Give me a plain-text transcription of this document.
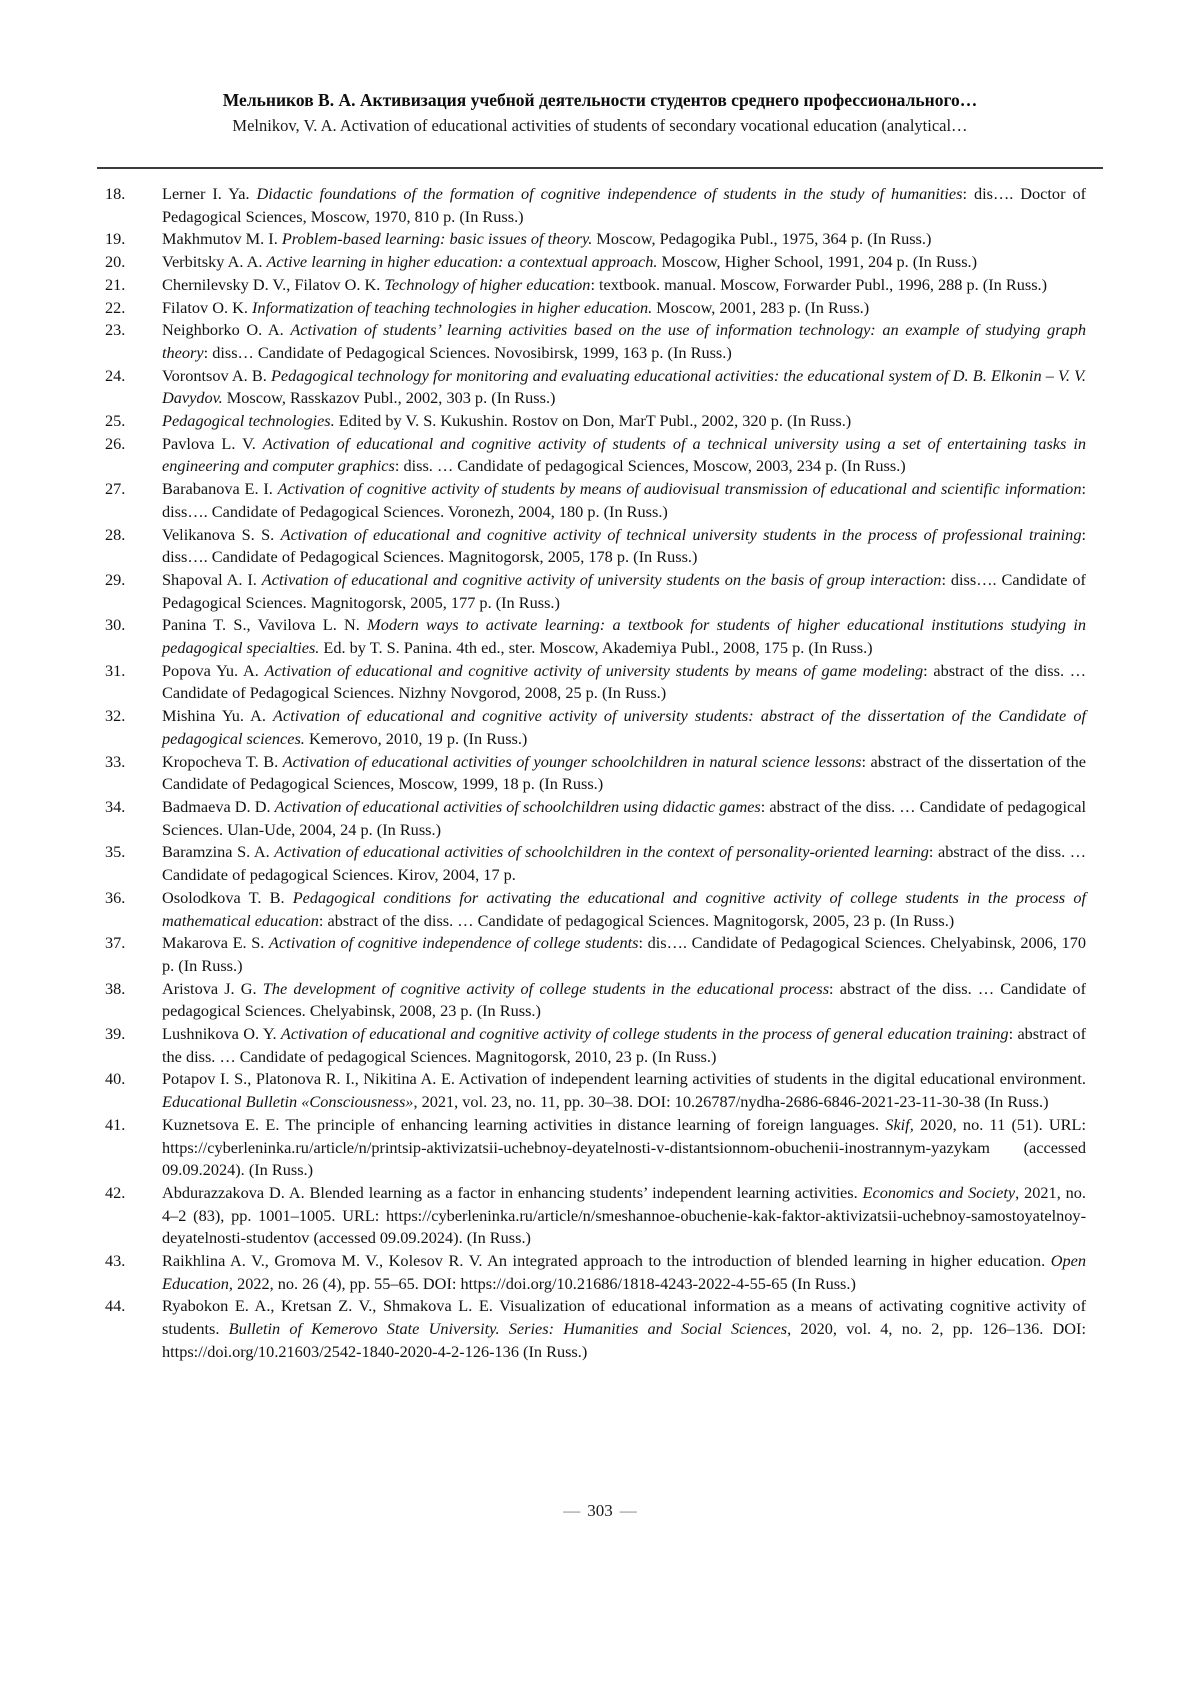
Мельников В. А. Активизация учебной деятельности студентов среднего профессионального…
Melnikov, V. A. Activation of educational activities of students of secondary vocational education (analytical…
18. Lerner I. Ya. Didactic foundations of the formation of cognitive independence of students in the study of humanities: dis…. Doctor of Pedagogical Sciences, Moscow, 1970, 810 p. (In Russ.)
19. Makhmutov M. I. Problem-based learning: basic issues of theory. Moscow, Pedagogika Publ., 1975, 364 p. (In Russ.)
20. Verbitsky A. A. Active learning in higher education: a contextual approach. Moscow, Higher School, 1991, 204 p. (In Russ.)
21. Chernilevsky D. V., Filatov O. K. Technology of higher education: textbook. manual. Moscow, Forwarder Publ., 1996, 288 p. (In Russ.)
22. Filatov O. K. Informatization of teaching technologies in higher education. Moscow, 2001, 283 p. (In Russ.)
23. Neighborko O. A. Activation of students’ learning activities based on the use of information technology: an example of studying graph theory: diss… Candidate of Pedagogical Sciences. Novosibirsk, 1999, 163 p. (In Russ.)
24. Vorontsov A. B. Pedagogical technology for monitoring and evaluating educational activities: the educational system of D. B. Elkonin – V. V. Davydov. Moscow, Rasskazov Publ., 2002, 303 p. (In Russ.)
25. Pedagogical technologies. Edited by V. S. Kukushin. Rostov on Don, MarT Publ., 2002, 320 p. (In Russ.)
26. Pavlova L. V. Activation of educational and cognitive activity of students of a technical university using a set of entertaining tasks in engineering and computer graphics: diss. … Candidate of pedagogical Sciences, Moscow, 2003, 234 p. (In Russ.)
27. Barabanova E. I. Activation of cognitive activity of students by means of audiovisual transmission of educational and scientific information: diss…. Candidate of Pedagogical Sciences. Voronezh, 2004, 180 p. (In Russ.)
28. Velikanova S. S. Activation of educational and cognitive activity of technical university students in the process of professional training: diss…. Candidate of Pedagogical Sciences. Magnitogorsk, 2005, 178 p. (In Russ.)
29. Shapoval A. I. Activation of educational and cognitive activity of university students on the basis of group interaction: diss…. Candidate of Pedagogical Sciences. Magnitogorsk, 2005, 177 p. (In Russ.)
30. Panina T. S., Vavilova L. N. Modern ways to activate learning: a textbook for students of higher educational institutions studying in pedagogical specialties. Ed. by T. S. Panina. 4th ed., ster. Moscow, Akademiya Publ., 2008, 175 p. (In Russ.)
31. Popova Yu. A. Activation of educational and cognitive activity of university students by means of game modeling: abstract of the diss. … Candidate of Pedagogical Sciences. Nizhny Novgorod, 2008, 25 p. (In Russ.)
32. Mishina Yu. A. Activation of educational and cognitive activity of university students: abstract of the dissertation of the Candidate of pedagogical sciences. Kemerovo, 2010, 19 p. (In Russ.)
33. Kropocheva T. B. Activation of educational activities of younger schoolchildren in natural science lessons: abstract of the dissertation of the Candidate of Pedagogical Sciences, Moscow, 1999, 18 p. (In Russ.)
34. Badmaeva D. D. Activation of educational activities of schoolchildren using didactic games: abstract of the diss. … Candidate of pedagogical Sciences. Ulan-Ude, 2004, 24 p. (In Russ.)
35. Baramzina S. A. Activation of educational activities of schoolchildren in the context of personality-oriented learning: abstract of the diss. … Candidate of pedagogical Sciences. Kirov, 2004, 17 p.
36. Osolodkova T. B. Pedagogical conditions for activating the educational and cognitive activity of college students in the process of mathematical education: abstract of the diss. … Candidate of pedagogical Sciences. Magnitogorsk, 2005, 23 p. (In Russ.)
37. Makarova E. S. Activation of cognitive independence of college students: dis…. Candidate of Pedagogical Sciences. Chelyabinsk, 2006, 170 p. (In Russ.)
38. Aristova J. G. The development of cognitive activity of college students in the educational process: abstract of the diss. … Candidate of pedagogical Sciences. Chelyabinsk, 2008, 23 p. (In Russ.)
39. Lushnikova O. Y. Activation of educational and cognitive activity of college students in the process of general education training: abstract of the diss. … Candidate of pedagogical Sciences. Magnitogorsk, 2010, 23 p. (In Russ.)
40. Potapov I. S., Platonova R. I., Nikitina A. E. Activation of independent learning activities of students in the digital educational environment. Educational Bulletin «Consciousness», 2021, vol. 23, no. 11, pp. 30–38. DOI: 10.26787/nydha-2686-6846-2021-23-11-30-38 (In Russ.)
41. Kuznetsova E. E. The principle of enhancing learning activities in distance learning of foreign languages. Skif, 2020, no. 11 (51). URL: https://cyberleninka.ru/article/n/printsip-aktivizatsii-uchebnoy-deyatelnosti-v-distantsionnom-obuchenii-inostrannym-yazykam (accessed 09.09.2024). (In Russ.)
42. Abdurazzakova D. A. Blended learning as a factor in enhancing students’ independent learning activities. Economics and Society, 2021, no. 4–2 (83), pp. 1001–1005. URL: https://cyberleninka.ru/article/n/smeshannoe-obuchenie-kak-faktor-aktivizatsii-uchebnoy-samostoyatelnoy-deyatelnosti-studentov (accessed 09.09.2024). (In Russ.)
43. Raikhlina A. V., Gromova M. V., Kolesov R. V. An integrated approach to the introduction of blended learning in higher education. Open Education, 2022, no. 26 (4), pp. 55–65. DOI: https://doi.org/10.21686/1818-4243-2022-4-55-65 (In Russ.)
44. Ryabokon E. A., Kretsan Z. V., Shmakova L. E. Visualization of educational information as a means of activating cognitive activity of students. Bulletin of Kemerovo State University. Series: Humanities and Social Sciences, 2020, vol. 4, no. 2, pp. 126–136. DOI: https://doi.org/10.21603/2542-1840-2020-4-2-126-136 (In Russ.)
— 303 —
